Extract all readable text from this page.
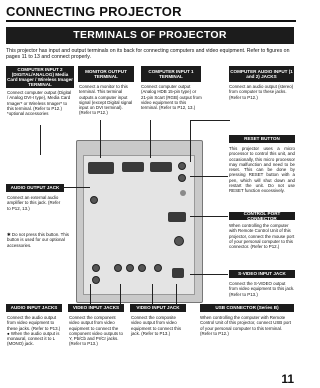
CONNECTING PROJECTOR
TERMINALS OF PROJECTOR
This projector has input and output terminals on its back for connecting computers and video equipment. Refer to figures on pages 11 to 13 and connect properly.
COMPUTER INPUT 2 (DIGITAL/ANALOG) Media Card Imager / Wireless Imager TERMINAL
Connect computer output (Digital / Analog DVI-I type), Media Card Imager* or Wireless Imager* to this terminal. (Refer to P12.) *optional accessories
MONITOR OUTPUT TERMINAL
Connect a monitor to this terminal. This terminal outputs a computer input signal (except Digital signal input on DVI terminal). (Refer to P12.)
COMPUTER INPUT 1 TERMINAL
Connect computer output (Analog HDB 15-pin type) or 21-pin Scart (RGB) output from video equipment to this terminal. (Refer to P12, 13.)
COMPUTER AUDIO INPUT (1 and 2) JACKS
Connect an audio output (stereo) from computer to these jacks. (Refer to P12.)
RESET BUTTON
This projector uses a micro processor to control this unit, and occasionally, this micro processor may malfunction and need to be reset. This can be done by pressing RESET button with a pen, which will shut down and restart the unit. Do not use RESET function excessively.
CONTROL PORT CONNECTOR
When controlling the computer with Remote Control Unit of this projector, connect the mouse port of your personal computer to this connector. (Refer to P12.)
S-VIDEO INPUT JACK
Connect the S-VIDEO output from video equipment to this jack. (Refer to P13.)
AUDIO OUTPUT JACK
Connect an external audio amplifier to this jack. (Refer to P12, 13.)
✱ Do not press this button. This button is used for our optional accessories.
AUDIO INPUT JACKS
Connect the audio output from video equipment to these jacks. (Refer to P13.) ● When the audio output is monaural, connect it to L (MONO) jack.
VIDEO INPUT JACKS
Connect the component video output from video equipment to connect the component video outputs to Y, Pb/Cb and Pr/Cr jacks. (Refer to P13.)
VIDEO INPUT JACK
Connect the composite video output from video equipment to connect this jack. (Refer to P13.)
USB CONNECTOR (Series B)
When controlling the computer with Remote Control Unit of this projector, connect USB port of your personal computer to this terminal. (Refer to P12.)
11
